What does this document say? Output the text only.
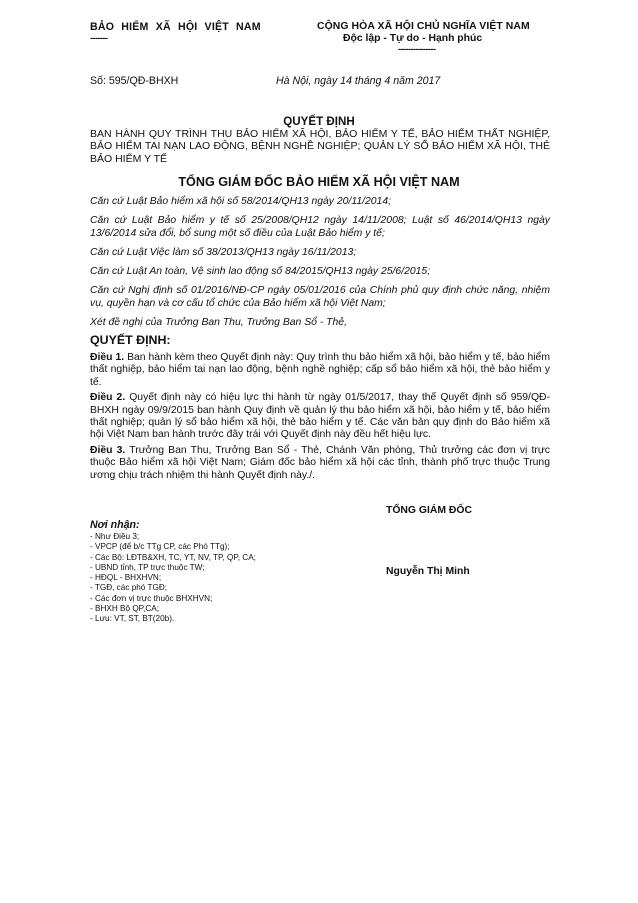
BẢO HIỂM XÃ HỘI VIỆT NAM
-------
CỘNG HÒA XÃ HỘI CHỦ NGHĨA VIỆT NAM
Độc lập - Tự do - Hạnh phúc
---------------
Số: 595/QĐ-BHXH	Hà Nội, ngày 14 tháng 4 năm 2017
QUYẾT ĐỊNH
BAN HÀNH QUY TRÌNH THU BẢO HIỂM XÃ HỘI, BẢO HIỂM Y TẾ, BẢO HIỂM THẤT NGHIỆP, BẢO HIỂM TAI NẠN LAO ĐỘNG, BỆNH NGHỀ NGHIỆP; QUẢN LÝ SỔ BẢO HIỂM XÃ HỘI, THẺ BẢO HIỂM Y TẾ
TỔNG GIÁM ĐỐC BẢO HIỂM XÃ HỘI VIỆT NAM

Căn cứ Luật Bảo hiểm xã hội số 58/2014/QH13 ngày 20/11/2014;

Căn cứ Luật Bảo hiểm y tế số 25/2008/QH12 ngày 14/11/2008; Luật số 46/2014/QH13 ngày 13/6/2014 sửa đổi, bổ sung một số điều của Luật Bảo hiểm y tế;

Căn cứ Luật Việc làm số 38/2013/QH13 ngày 16/11/2013;

Căn cứ Luật An toàn, Vệ sinh lao động số 84/2015/QH13 ngày 25/6/2015;

Căn cứ Nghị định số 01/2016/NĐ-CP ngày 05/01/2016 của Chính phủ quy định chức năng, nhiệm vụ, quyền hạn và cơ cấu tổ chức của Bảo hiểm xã hội Việt Nam;

Xét đề nghị của Trưởng Ban Thu, Trưởng Ban Sổ - Thẻ,

QUYẾT ĐỊNH:

Điều 1. Ban hành kèm theo Quyết định này: Quy trình thu bảo hiểm xã hội, bảo hiểm y tế, bảo hiểm thất nghiệp, bảo hiểm tai nạn lao động, bệnh nghề nghiệp; cấp sổ bảo hiểm xã hội, thẻ bảo hiểm y tế.

Điều 2. Quyết định này có hiệu lực thi hành từ ngày 01/5/2017, thay thế Quyết định số 959/QĐ-BHXH ngày 09/9/2015 ban hành Quy định về quản lý thu bảo hiểm xã hội, bảo hiểm y tế, bảo hiểm thất nghiệp; quản lý sổ bảo hiểm xã hội, thẻ bảo hiểm y tế. Các văn bản quy định do Bảo hiểm xã hội Việt Nam ban hành trước đây trái với Quyết định này đều hết hiệu lực.

Điều 3. Trưởng Ban Thu, Trưởng Ban Sổ - Thẻ, Chánh Văn phòng, Thủ trưởng các đơn vị trực thuộc Bảo hiểm xã hội Việt Nam; Giám đốc bảo hiểm xã hội các tỉnh, thành phố trực thuộc Trung ương chịu trách nhiệm thi hành Quyết định này./.

TỔNG GIÁM ĐỐC
Nguyễn Thị Minh
Nơi nhận:
- Như Điều 3;
- VPCP (để b/c TTg CP, các Phó TTg);
- Các Bộ: LĐTB&XH, TC, YT, NV, TP, QP, CA;
- UBND tỉnh, TP trực thuộc TW;
- HĐQL - BHXHVN;
- TGĐ, các phó TGĐ;
- Các đơn vị trực thuộc BHXHVN;
- BHXH Bộ QP,CA;
- Lưu: VT, ST, BT(20b).
